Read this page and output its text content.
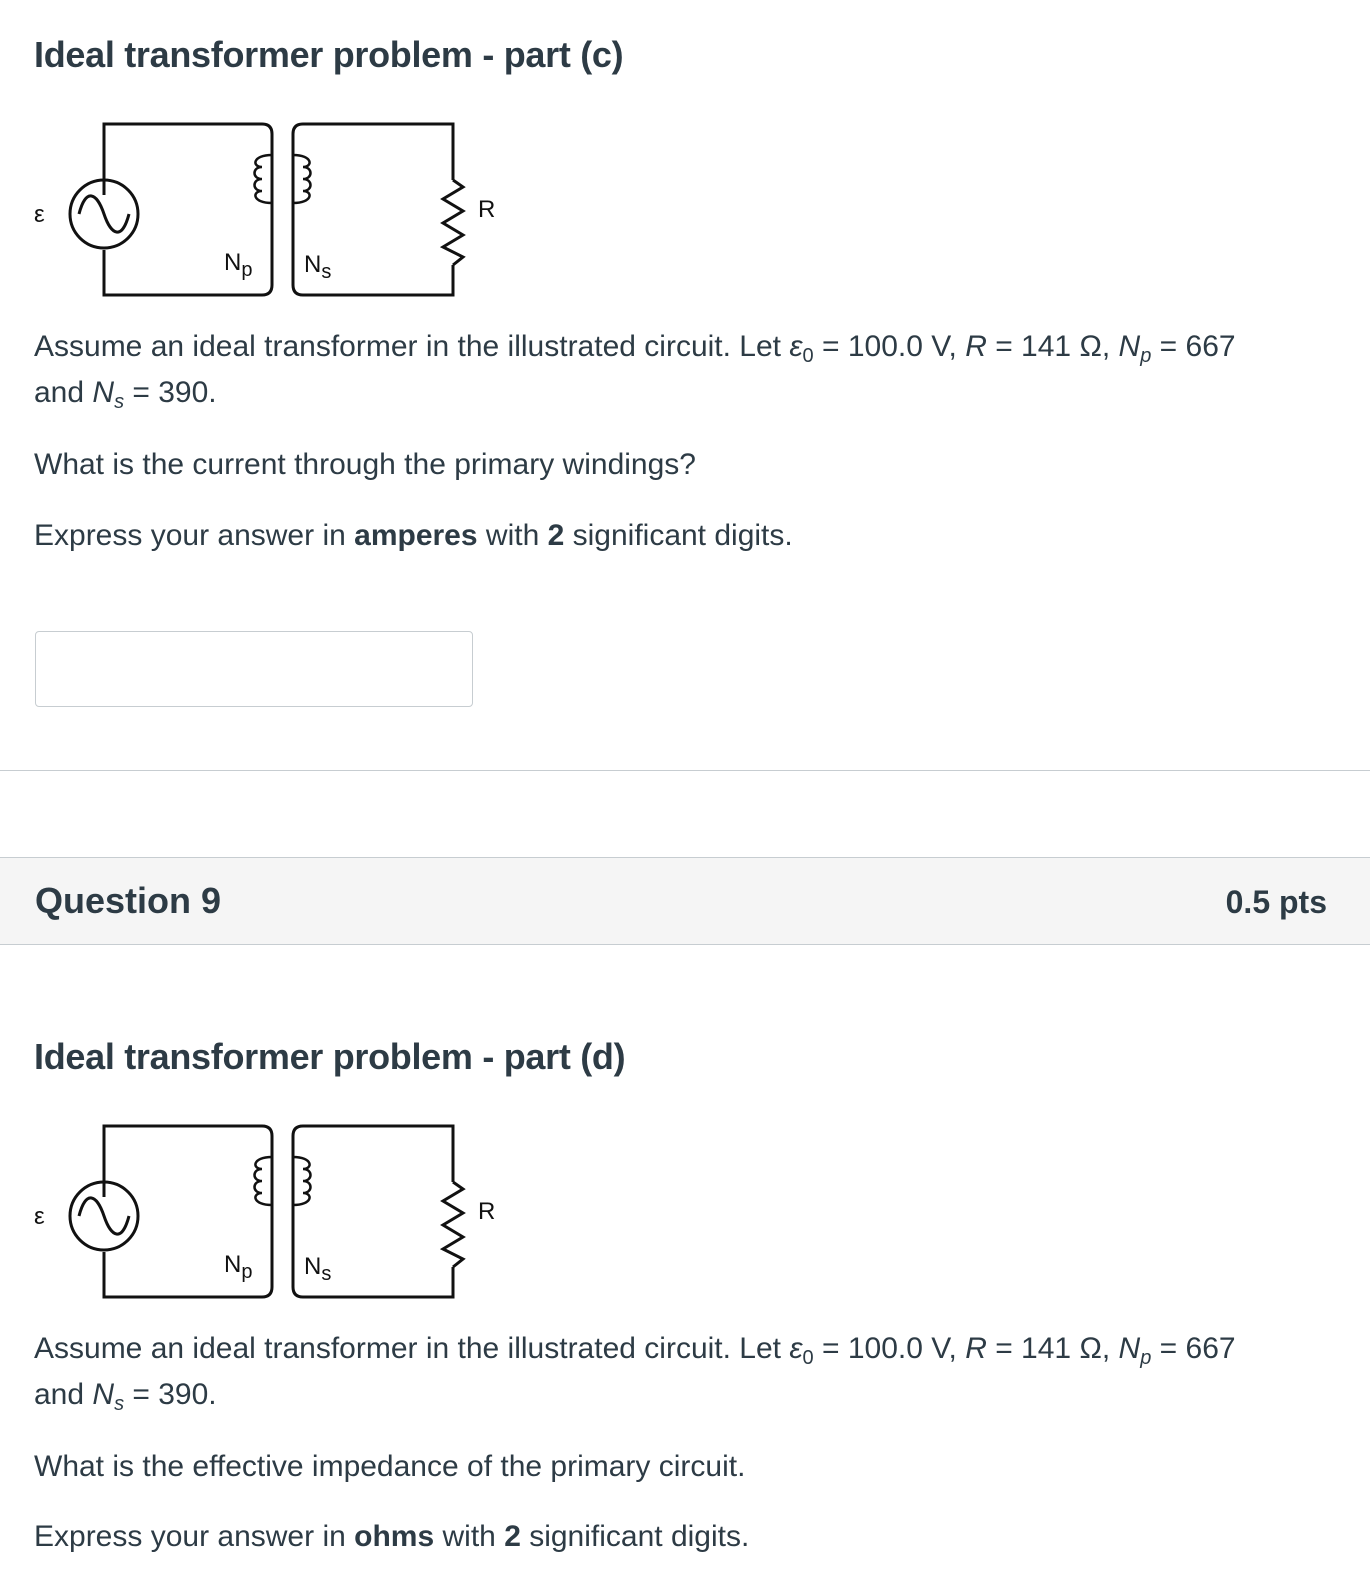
Ideal transformer problem - part (c)
ε	R
$N_p$ $N_s$
Assume an ideal transformer in the illustrated circuit. Let $\varepsilon_0 = 100.0$ V, R = 141 Ω, $N_p = 667$
and $N_s = 390$.
What is the current through the primary windings?
Express your answer in amperes with 2 significant digits.
Question 9	0.5 pts
Ideal transformer problem - part (d)
ε	R
$N_p$ $N_s$
Assume an ideal transformer in the illustrated circuit. Let $\varepsilon_0 = 100.0$ V, R = 141 Ω, $N_p = 667$
and $N_s = 390$.
What is the effective impedance of the primary circuit.
Express your answer in ohms with 2 significant digits.
